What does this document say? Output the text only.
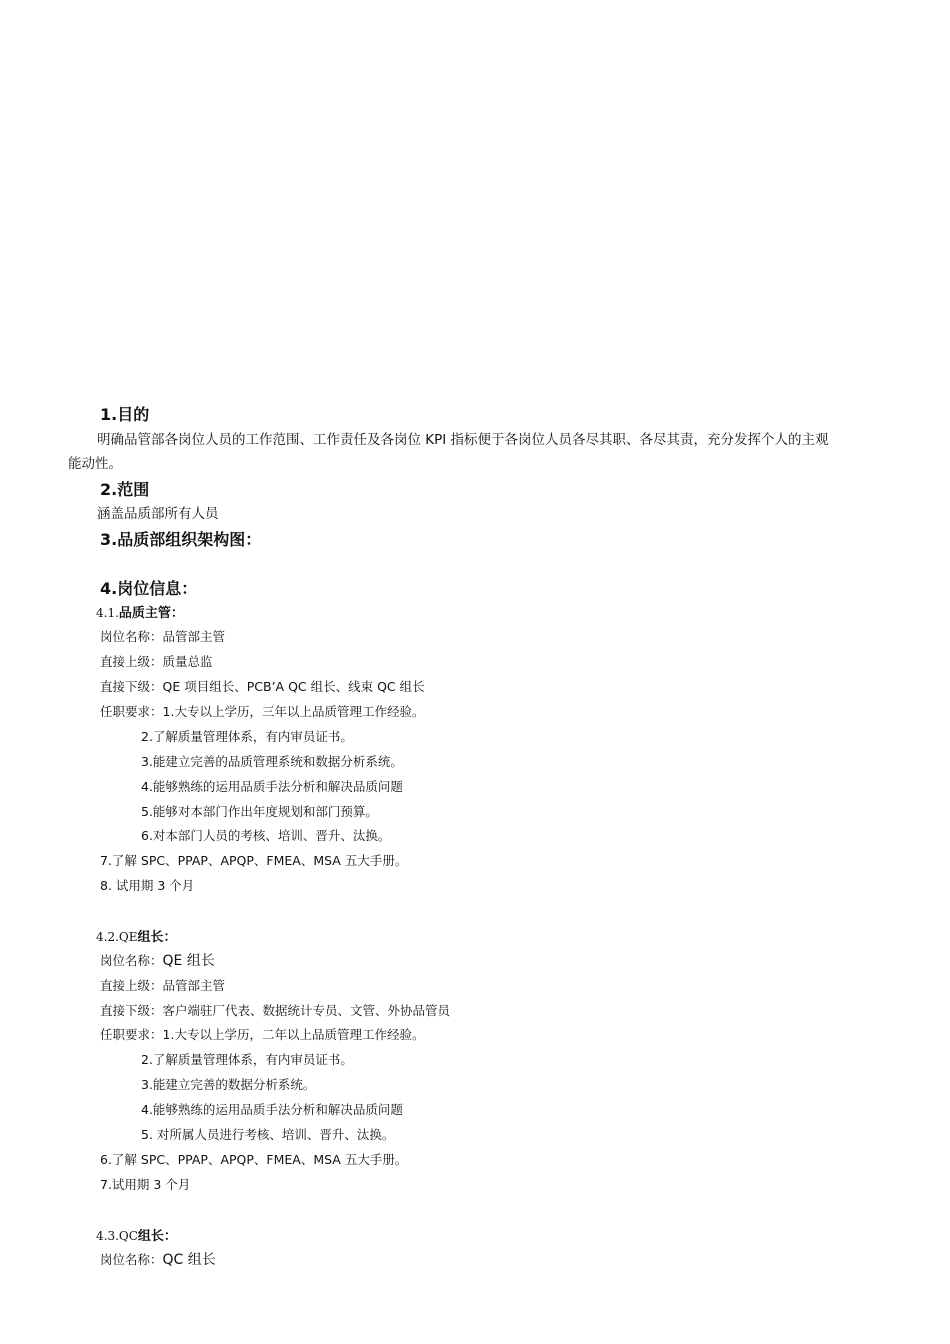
1.目的
明确品管部各岗位人员的工作范围、工作责任及各岗位 KPI 指标便于各岗位人员各尽其职、各尽其责，充分发挥个人的主观
能动性。
2.范围
涵盖品质部所有人员
3.品质部组织架构图：
4.岗位信息：
4.1.品质主管：
岗位名称：品管部主管
直接上级：质量总监
直接下级：QE 项目组长、PCB’A QC 组长、线束 QC 组长
任职要求：1.大专以上学历，三年以上品质管理工作经验。
2.了解质量管理体系，有内审员证书。
3.能建立完善的品质管理系统和数据分析系统。
4.能够熟练的运用品质手法分析和解决品质问题
5.能够对本部门作出年度规划和部门预算。
6.对本部门人员的考核、培训、晋升、汰换。
7.了解 SPC、PPAP、APQP、FMEA、MSA 五大手册。
8. 试用期 3 个月
4.2.QE组长：
岗位名称：QE 组长
直接上级：品管部主管
直接下级：客户端驻厂代表、数据统计专员、文管、外协品管员
任职要求：1.大专以上学历，二年以上品质管理工作经验。
2.了解质量管理体系，有内审员证书。
3.能建立完善的数据分析系统。
4.能够熟练的运用品质手法分析和解决品质问题
5. 对所属人员进行考核、培训、晋升、汰换。
6.了解 SPC、PPAP、APQP、FMEA、MSA 五大手册。
7.试用期 3 个月
4.3.QC组长：
岗位名称：QC 组长
